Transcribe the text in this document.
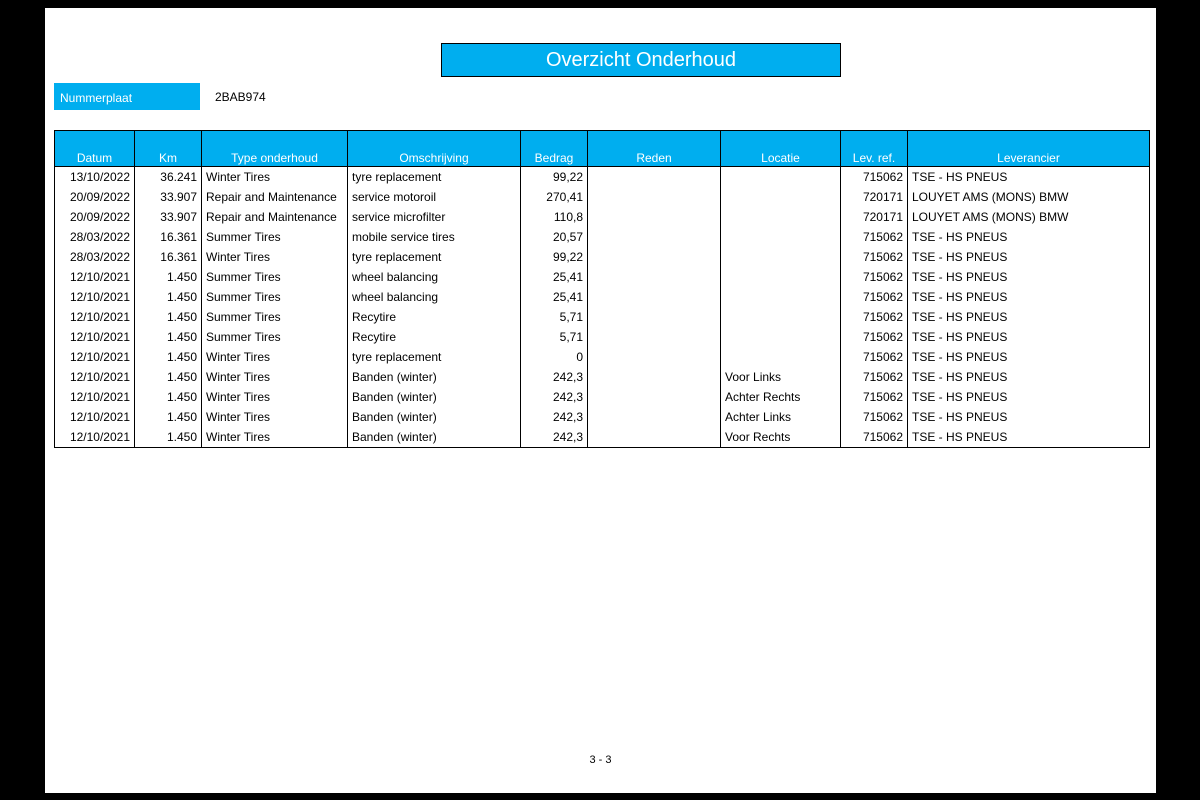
Overzicht Onderhoud
Nummerplaat	2BAB974
Datum	Km	Type onderhoud	Omschrijving	Bedrag	Reden	Locatie	Lev. ref.	Leverancier
13/10/2022	36.241	Winter Tires	tyre replacement	99,22			715062	TSE - HS PNEUS
20/09/2022	33.907	Repair and Maintenance	service motoroil	270,41			720171	LOUYET AMS (MONS) BMW
20/09/2022	33.907	Repair and Maintenance	service microfilter	110,8			720171	LOUYET AMS (MONS) BMW
28/03/2022	16.361	Summer Tires	mobile service tires	20,57			715062	TSE - HS PNEUS
28/03/2022	16.361	Winter Tires	tyre replacement	99,22			715062	TSE - HS PNEUS
12/10/2021	1.450	Summer Tires	wheel balancing	25,41			715062	TSE - HS PNEUS
12/10/2021	1.450	Summer Tires	wheel balancing	25,41			715062	TSE - HS PNEUS
12/10/2021	1.450	Summer Tires	Recytire	5,71			715062	TSE - HS PNEUS
12/10/2021	1.450	Summer Tires	Recytire	5,71			715062	TSE - HS PNEUS
12/10/2021	1.450	Winter Tires	tyre replacement	0			715062	TSE - HS PNEUS
12/10/2021	1.450	Winter Tires	Banden (winter)	242,3		Voor Links	715062	TSE - HS PNEUS
12/10/2021	1.450	Winter Tires	Banden (winter)	242,3		Achter Rechts	715062	TSE - HS PNEUS
12/10/2021	1.450	Winter Tires	Banden (winter)	242,3		Achter Links	715062	TSE - HS PNEUS
12/10/2021	1.450	Winter Tires	Banden (winter)	242,3		Voor Rechts	715062	TSE - HS PNEUS
3 - 3
